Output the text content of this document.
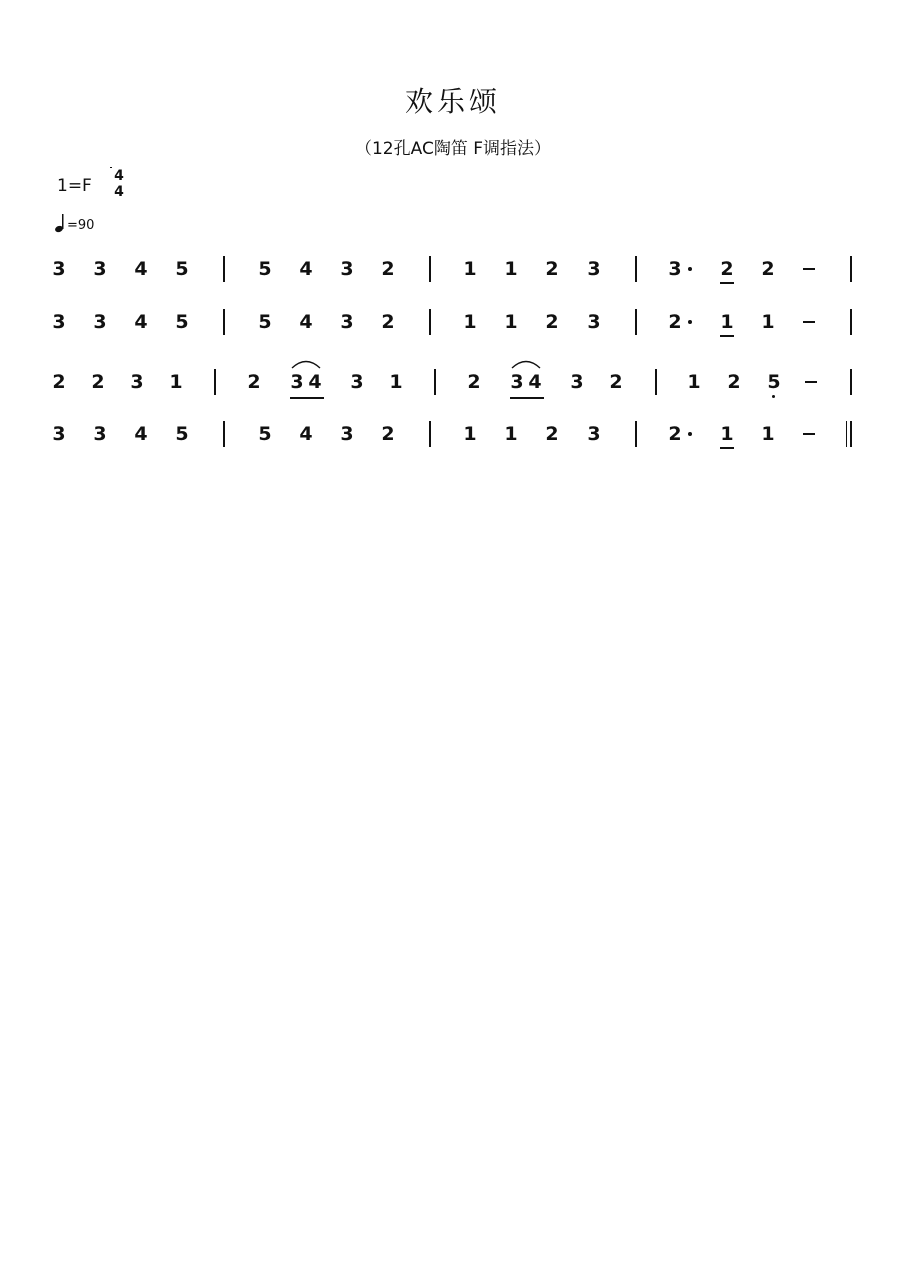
欢乐颂
（12孔AC陶笛 F调指法）
1=F 4
4
=90
3 3 4 5	5 4 3 2	1 1 2 3	3 2 2
3 3 4 5	5 4 3 2	1 1 2 3	2 1 1
2 2 3 1	2 3 4 3 1	2 3 4 3 2	1 2 5
3 3 4 5	5 4 3 2	1 1 2 3	2 1 1
